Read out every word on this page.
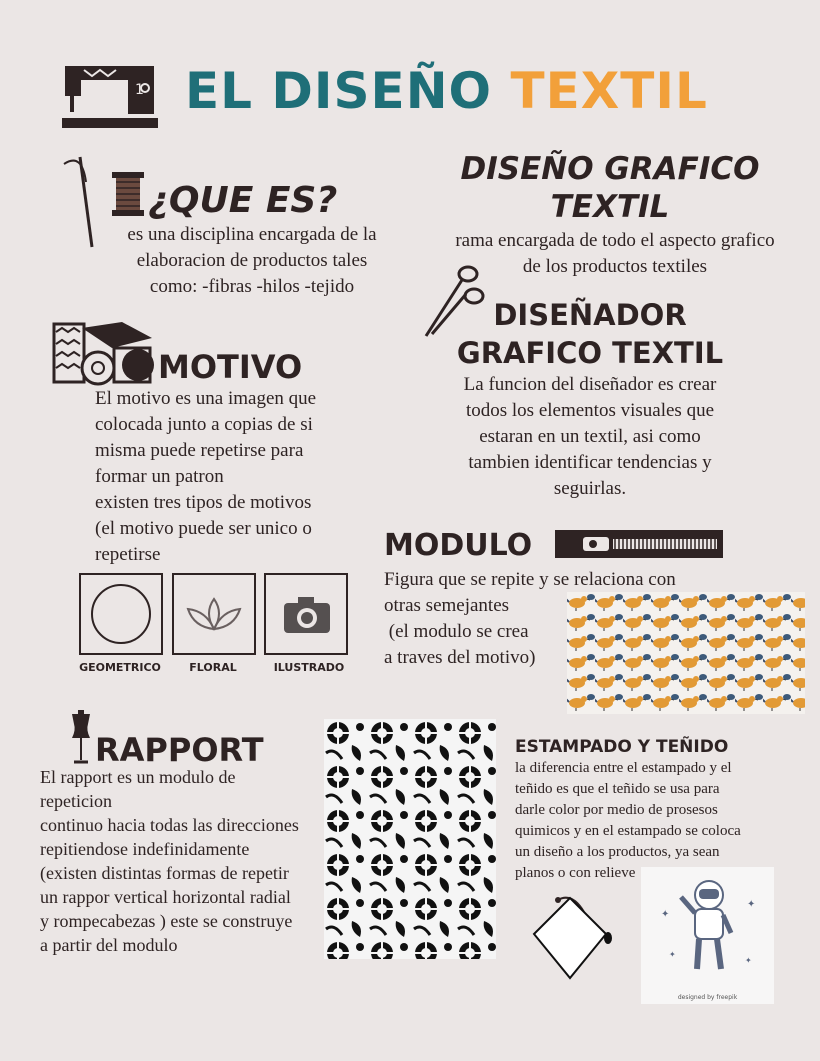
1 EL DISEÑO TEXTIL
¿QUE ES?
es una disciplina encargada de la
elaboracion de productos tales
como: -fibras -hilos -tejido
DISEÑO GRAFICO
TEXTIL
rama encargada de todo el aspecto grafico
de los productos textiles
DISEÑADOR
GRAFICO TEXTIL
La funcion del diseñador es crear
todos los elementos visuales que
estaran en un textil, asi como
tambien identificar tendencias y
seguirlas.
MOTIVO
El motivo es una imagen que
colocada junto a copias de si
misma puede repetirse para
formar un patron
existen tres tipos de motivos
(el motivo puede ser unico o
repetirse
GEOMETRICO	FLORAL	ILUSTRADO
MODULO
Figura que se repite y se relaciona con
otras semejantes
(el modulo se crea
a traves del motivo)
RAPPORT
El rapport es un modulo de
repeticion
continuo hacia todas las direcciones
repitiendose indefinidamente
(existen distintas formas de repetir
un rappor vertical horizontal radial
y rompecabezas ) este se construye
a partir del modulo
ESTAMPADO Y TEÑIDO
la diferencia entre el estampado y el
teñido es que el teñido se usa para
darle color por medio de prosesos
quimicos y en el estampado se coloca
un diseño a los productos, ya sean
planos o con relieve
✦
✦
✦
✦
designed by freepik
